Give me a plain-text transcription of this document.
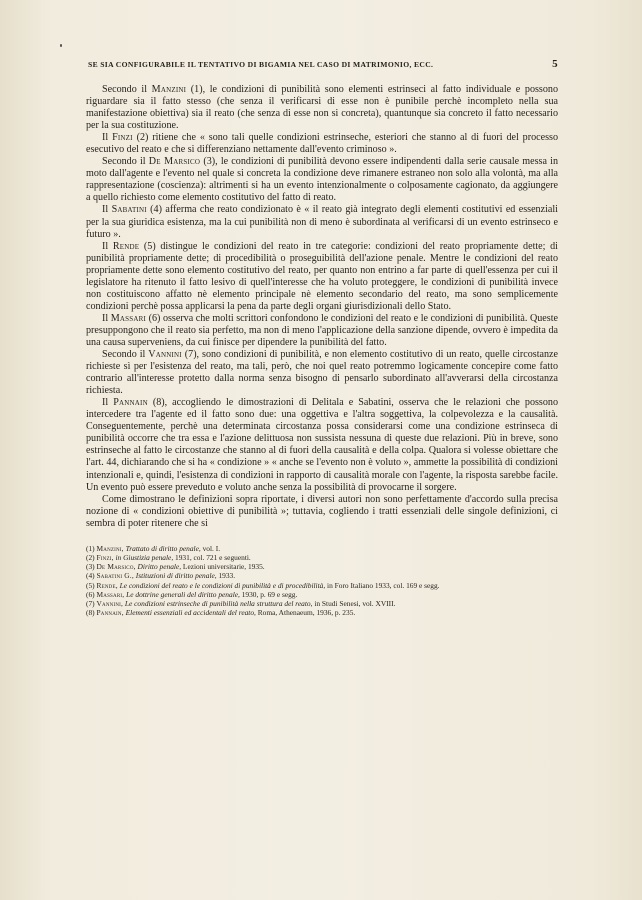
SE SIA CONFIGURABILE IL TENTATIVO DI BIGAMIA NEL CASO DI MATRIMONIO, ECC.	5

Secondo il Manzini (1), le condizioni di punibilità sono elementi estrinseci al fatto individuale e possono riguardare sia il fatto stesso (che senza il verificarsi di esse non è punibile perchè incompleto nella sua manifestazione obiettiva) sia il reato (che senza di esse non si concreta), quantunque sia concreto il fatto necessario per la sua costituzione.

Il Finzi (2) ritiene che « sono tali quelle condizioni estrinseche, esteriori che stanno al di fuori del processo esecutivo del reato e che si differenziano nettamente dall'evento criminoso ».

Secondo il De Marsico (3), le condizioni di punibilità devono essere indipendenti dalla serie causale messa in moto dall'agente e l'evento nel quale si concreta la condizione deve rimanere estraneo non solo alla volontà, ma alla rappresentazione (coscienza): altrimenti si ha un evento intenzionalmente o colposamente cagionato, da aggiungere a quello richiesto come elemento costitutivo del fatto di reato.

Il Sabatini (4) afferma che reato condizionato è « il reato già integrato degli elementi costitutivi ed essenziali per la sua giuridica esistenza, ma la cui punibilità non di meno è subordinata al verificarsi di un evento estrinseco e futuro ».

Il Rende (5) distingue le condizioni del reato in tre categorie: condizioni del reato propriamente dette; di punibilità propriamente dette; di procedibilità o proseguibilità dell'azione penale. Mentre le condizioni del reato propriamente dette sono elemento costitutivo del reato, per quanto non entrino a far parte di quell'essenza per cui il legislatore ha ritenuto il fatto lesivo di quell'interesse che ha voluto proteggere, le condizioni di punibilità invece non costituiscono affatto nè elemento principale nè elemento secondario del reato, ma sono semplicemente condizioni perchè possa applicarsi la pena da parte degli organi giurisdizionali dello Stato.

Il Massari (6) osserva che molti scrittori confondono le condizioni del reato e le condizioni di punibilità. Queste presuppongono che il reato sia perfetto, ma non di meno l'applicazione della sanzione dipende, ovvero è impedita da una causa superveniens, da cui finisce per dipendere la punibilità del fatto.

Secondo il Vannini (7), sono condizioni di punibilità, e non elemento costitutivo di un reato, quelle circostanze richieste sì per l'esistenza del reato, ma tali, però, che noi quel reato potremmo logicamente concepire come fatto contrario all'interesse protetto dalla norma senza bisogno di pensarlo subordinato all'avverarsi della circostanza richiesta.

Il Pannain (8), accogliendo le dimostrazioni di Delitala e Sabatini, osserva che le relazioni che possono intercedere tra l'agente ed il fatto sono due: una oggettiva e l'altra soggettiva, la colpevolezza e la causalità. Conseguentemente, perchè una determinata circostanza possa considerarsi come una condizione estrinseca di punibilità occorre che tra essa e l'azione delittuosa non sussista nessuna di queste due relazioni. Più in breve, sono estrinseche al fatto le circostanze che stanno al di fuori della causalità e della colpa. Qualora si volesse obiettare che l'art. 44, dichiarando che si ha « condizione » « anche se l'evento non è voluto », ammette la possibilità di condizioni intenzionali e, quindi, l'esistenza di condizioni in rapporto di causalità morale con l'agente, la risposta sarebbe facile. Un evento può essere preveduto e voluto anche senza la possibilità di provocarne il sorgere.

Come dimostrano le definizioni sopra riportate, i diversi autori non sono perfettamente d'accordo sulla precisa nozione di « condizioni obiettive di punibilità »; tuttavia, cogliendo i tratti essenziali delle singole definizioni, ci sembra di poter ritenere che si

(1) Manzini, Trattato di diritto penale, vol. I.
(2) Finzi, in Giustizia penale, 1931, col. 721 e seguenti.
(3) De Marsico, Diritto penale, Lezioni universitarie, 1935.
(4) Sabatini G., Istituzioni di diritto penale, 1933.
(5) Rende, Le condizioni del reato e le condizioni di punibilità e di procedibilità, in Foro Italiano 1933, col. 169 e segg.
(6) Massari, Le dottrine generali del diritto penale, 1930, p. 69 e segg.
(7) Vannini, Le condizioni estrinseche di punibilità nella struttura del reato, in Studi Senesi, vol. XVIII.
(8) Pannain, Elementi essenziali ed accidentali del reato, Roma, Athenaeum, 1936, p. 235.
